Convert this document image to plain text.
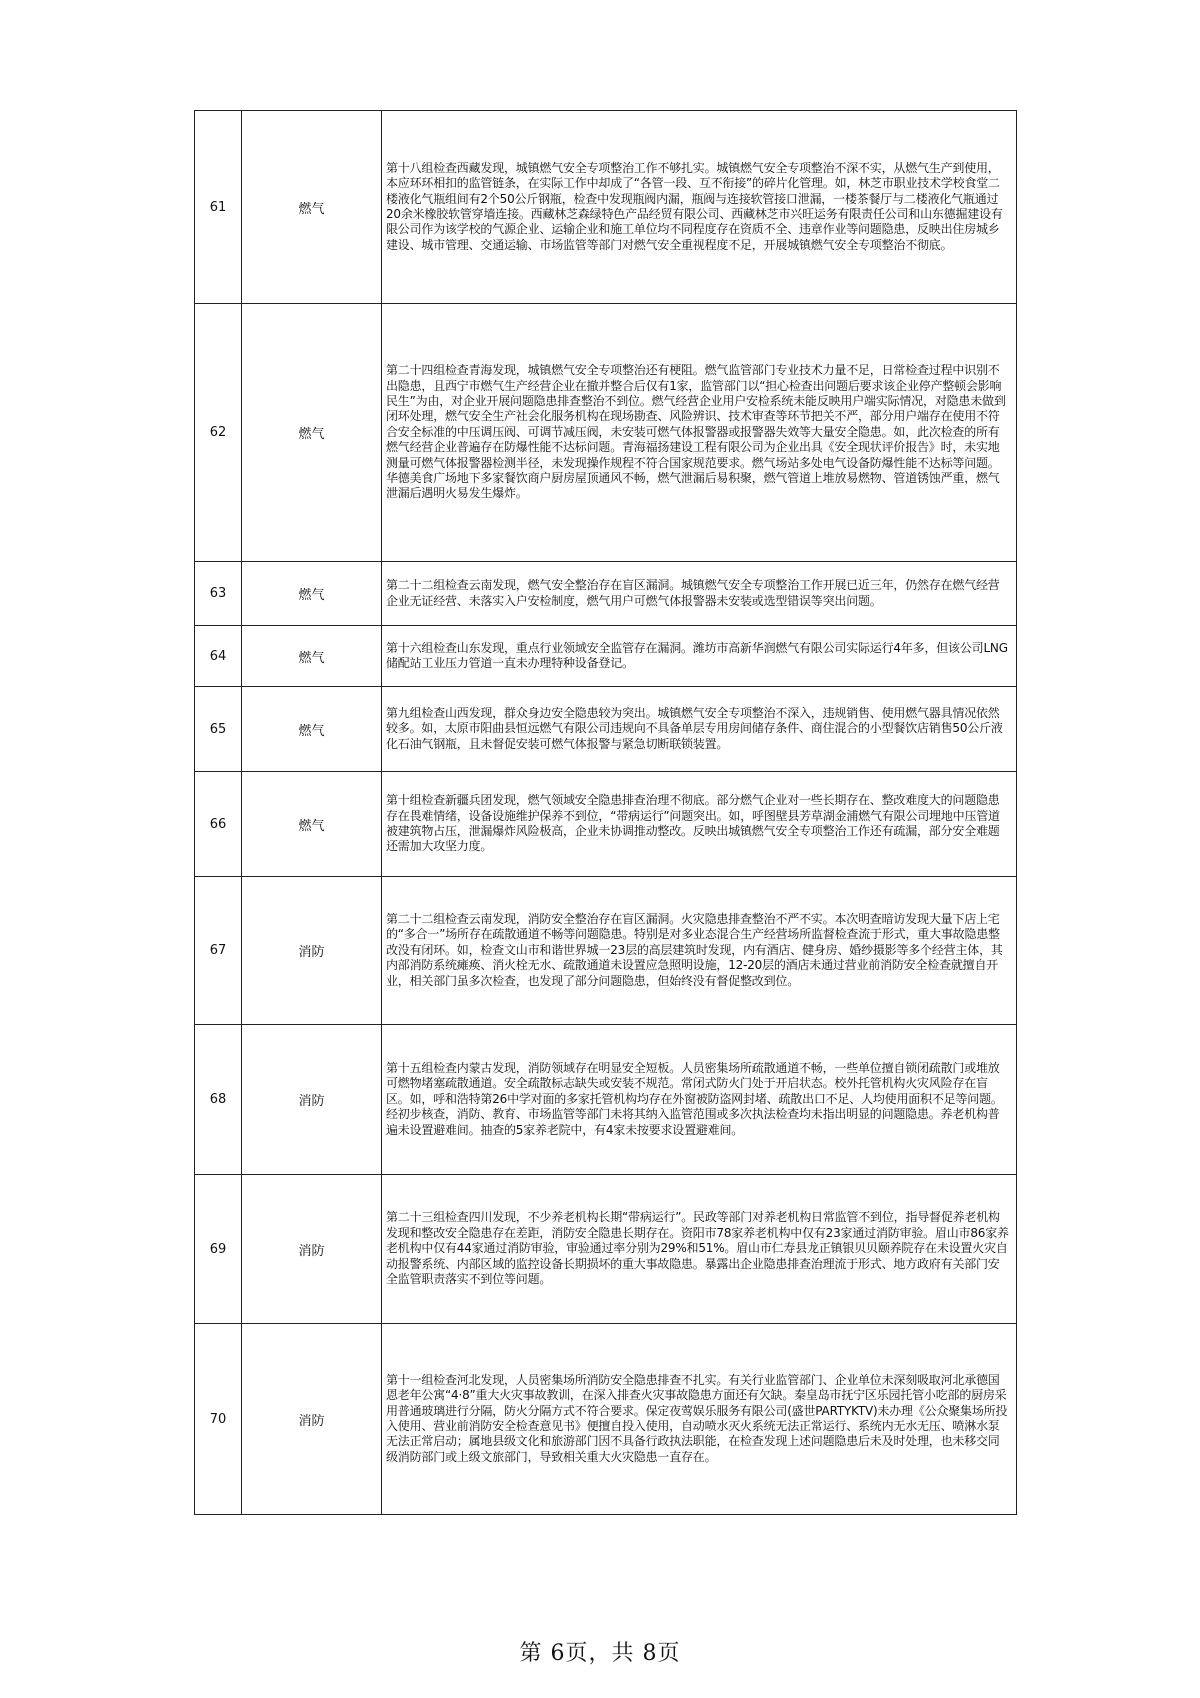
61	燃气	第十八组检查西藏发现，城镇燃气安全专项整治工作不够扎实。城镇燃气安全专项整治不深不实，从燃气生产到使用，本应环环相扣的监管链条，在实际工作中却成了“各管一段、互不衔接”的碎片化管理。如，林芝市职业技术学校食堂二楼液化气瓶组间有2个50公斤钢瓶，检查中发现瓶阀内漏，瓶阀与连接软管接口泄漏，一楼茶餐厅与二楼液化气瓶通过20余米橡胶软管穿墙连接。西藏林芝森绿特色产品经贸有限公司、西藏林芝市兴旺运务有限责任公司和山东德掘建设有限公司作为该学校的气源企业、运输企业和施工单位均不同程度存在资质不全、违章作业等问题隐患，反映出住房城乡建设、城市管理、交通运输、市场监管等部门对燃气安全重视程度不足，开展城镇燃气安全专项整治不彻底。
62	燃气	第二十四组检查青海发现，城镇燃气安全专项整治还有梗阻。燃气监管部门专业技术力量不足，日常检查过程中识别不出隐患，且西宁市燃气生产经营企业在撤并整合后仅有1家，监管部门以“担心检查出问题后要求该企业停产整顿会影响民生”为由，对企业开展问题隐患排查整治不到位。燃气经营企业用户安检系统未能反映用户端实际情况，对隐患未做到闭环处理，燃气安全生产社会化服务机构在现场勘查、风险辨识、技术审查等环节把关不严，部分用户端存在使用不符合安全标准的中压调压阀、可调节减压阀，未安装可燃气体报警器或报警器失效等大量安全隐患。如，此次检查的所有燃气经营企业普遍存在防爆性能不达标问题。青海福扬建设工程有限公司为企业出具《安全现状评价报告》时，未实地测量可燃气体报警器检测半径，未发现操作规程不符合国家规范要求。燃气场站多处电气设备防爆性能不达标等问题。华德美食广场地下多家餐饮商户厨房屋顶通风不畅，燃气泄漏后易积聚，燃气管道上堆放易燃物、管道锈蚀严重，燃气泄漏后遇明火易发生爆炸。
63	燃气	第二十二组检查云南发现，燃气安全整治存在盲区漏洞。城镇燃气安全专项整治工作开展已近三年，仍然存在燃气经营企业无证经营、未落实入户安检制度，燃气用户可燃气体报警器未安装或选型错误等突出问题。
64	燃气	第十六组检查山东发现，重点行业领域安全监管存在漏洞。潍坊市高新华润燃气有限公司实际运行4年多，但该公司LNG储配站工业压力管道一直未办理特种设备登记。
65	燃气	第九组检查山西发现，群众身边安全隐患较为突出。城镇燃气安全专项整治不深入，违规销售、使用燃气器具情况依然较多。如，太原市阳曲县恒远燃气有限公司违规向不具备单层专用房间储存条件、商住混合的小型餐饮店销售50公斤液化石油气钢瓶，且未督促安装可燃气体报警与紧急切断联锁装置。
66	燃气	第十组检查新疆兵团发现，燃气领域安全隐患排查治理不彻底。部分燃气企业对一些长期存在、整改难度大的问题隐患存在畏难情绪，设备设施维护保养不到位，“带病运行”问题突出。如，呼图壁县芳草湖金浦燃气有限公司埋地中压管道被建筑物占压，泄漏爆炸风险极高，企业未协调推动整改。反映出城镇燃气安全专项整治工作还有疏漏，部分安全难题还需加大攻坚力度。
67	消防	第二十二组检查云南发现，消防安全整治存在盲区漏洞。火灾隐患排查整治不严不实。本次明查暗访发现大量下店上宅的“多合一”场所存在疏散通道不畅等问题隐患。特别是对多业态混合生产经营场所监督检查流于形式，重大事故隐患整改没有闭环。如，检查文山市和谐世界城一23层的高层建筑时发现，内有酒店、健身房、婚纱摄影等多个经营主体，其内部消防系统瘫痪、消火栓无水、疏散通道未设置应急照明设施，12-20层的酒店未通过营业前消防安全检查就擅自开业，相关部门虽多次检查，也发现了部分问题隐患，但始终没有督促整改到位。
68	消防	第十五组检查内蒙古发现，消防领域存在明显安全短板。人员密集场所疏散通道不畅，一些单位擅自锁闭疏散门或堆放可燃物堵塞疏散通道。安全疏散标志缺失或安装不规范。常闭式防火门处于开启状态。校外托管机构火灾风险存在盲区。如，呼和浩特第26中学对面的多家托管机构均存在外窗被防盗网封堵、疏散出口不足、人均使用面积不足等问题。经初步核查，消防、教育、市场监管等部门未将其纳入监管范围或多次执法检查均未指出明显的问题隐患。养老机构普遍未设置避难间。抽查的5家养老院中，有4家未按要求设置避难间。
69	消防	第二十三组检查四川发现，不少养老机构长期“带病运行”。民政等部门对养老机构日常监管不到位，指导督促养老机构发现和整改安全隐患存在差距，消防安全隐患长期存在。资阳市78家养老机构中仅有23家通过消防审验。眉山市86家养老机构中仅有44家通过消防审验，审验通过率分别为29%和51%。眉山市仁寿县龙正镇银贝贝颐养院存在未设置火灾自动报警系统、内部区域的监控设备长期损坏的重大事故隐患。暴露出企业隐患排查治理流于形式、地方政府有关部门安全监管职责落实不到位等问题。
70	消防	第十一组检查河北发现，人员密集场所消防安全隐患排查不扎实。有关行业监管部门、企业单位未深刻吸取河北承德国恩老年公寓“4·8”重大火灾事故教训，在深入排查火灾事故隐患方面还有欠缺。秦皇岛市抚宁区乐园托管小吃部的厨房采用普通玻璃进行分隔，防火分隔方式不符合要求。保定夜莺娱乐服务有限公司(盛世PARTYKTV)未办理《公众聚集场所投入使用、营业前消防安全检查意见书》便擅自投入使用，自动喷水灭火系统无法正常运行、系统内无水无压、喷淋水泵无法正常启动；属地县级文化和旅游部门因不具备行政执法职能，在检查发现上述问题隐患后未及时处理，也未移交同级消防部门或上级文旅部门，导致相关重大火灾隐患一直存在。
第 6页，共 8页
